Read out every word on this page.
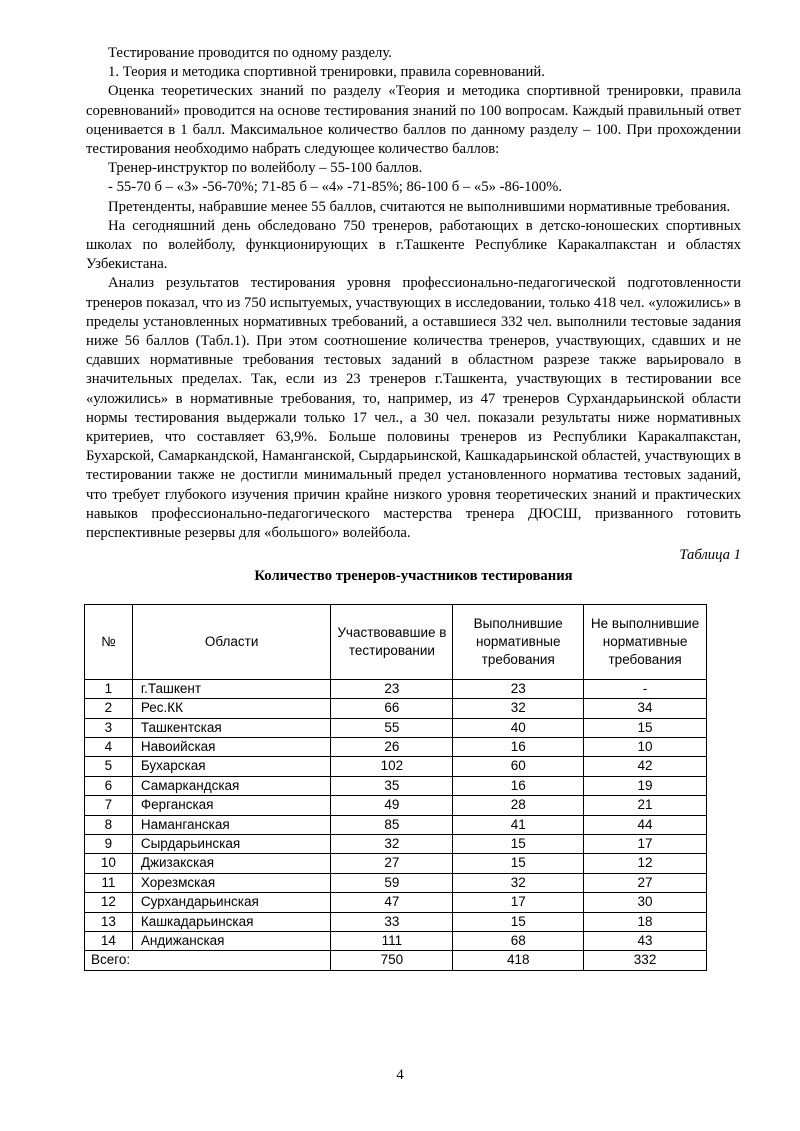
Тестирование проводится по одному разделу.

1. Теория и методика спортивной тренировки, правила соревнований.

Оценка теоретических знаний по разделу «Теория и методика спортивной тренировки, правила соревнований» проводится на основе тестирования знаний по 100 вопросам. Каждый правильный ответ оценивается в 1 балл. Максимальное количество баллов по данному разделу – 100. При прохождении тестирования необходимо набрать следующее количество баллов:

Тренер-инструктор по волейболу – 55-100 баллов.

- 55-70 б – «3» -56-70%; 71-85 б – «4» -71-85%; 86-100 б – «5» -86-100%.

Претенденты, набравшие менее 55 баллов, считаются не выполнившими нормативные требования.

На сегодняшний день обследовано 750 тренеров, работающих в детско-юношеских спортивных школах по волейболу, функционирующих в г.Ташкенте Республике Каракалпакстан и областях Узбекистана.

Анализ результатов тестирования уровня профессионально-педагогической подготовленности тренеров показал, что из 750 испытуемых, участвующих в исследовании, только 418 чел. «уложились» в пределы установленных нормативных требований, а оставшиеся 332 чел. выполнили тестовые задания ниже 56 баллов (Табл.1). При этом соотношение количества тренеров, участвующих, сдавших и не сдавших нормативные требования тестовых заданий в областном разрезе также варьировало в значительных пределах. Так, если из 23 тренеров г.Ташкента, участвующих в тестировании все «уложились» в нормативные требования, то, например, из 47 тренеров Сурхандарьинской области нормы тестирования выдержали только 17 чел., а 30 чел. показали результаты ниже нормативных критериев, что составляет 63,9%. Больше половины тренеров из Республики Каракалпакстан, Бухарской, Самаркандской, Наманганской, Сырдарьинской, Кашкадарьинской областей, участвующих в тестировании также не достигли минимальный предел установленного норматива тестовых заданий, что требует глубокого изучения причин крайне низкого уровня теоретических знаний и практических навыков профессионально-педагогического мастерства тренера ДЮСШ, призванного готовить перспективные резервы для «большого» волейбола.

Таблица 1

Количество тренеров-участников тестирования

№	Области	Участвовавшие в тестировании	Выполнившие нормативные требования	Не выполнившие нормативные требования
1	г.Ташкент	23	23	-
2	Рес.КК	66	32	34
3	Ташкентская	55	40	15
4	Навоийская	26	16	10
5	Бухарская	102	60	42
6	Самаркандская	35	16	19
7	Ферганская	49	28	21
8	Наманганская	85	41	44
9	Сырдарьинская	32	15	17
10	Джизакская	27	15	12
11	Хорезмская	59	32	27
12	Сурхандарьинская	47	17	30
13	Кашкадарьинская	33	15	18
14	Андижанская	111	68	43
Всего:		750	418	332
4
